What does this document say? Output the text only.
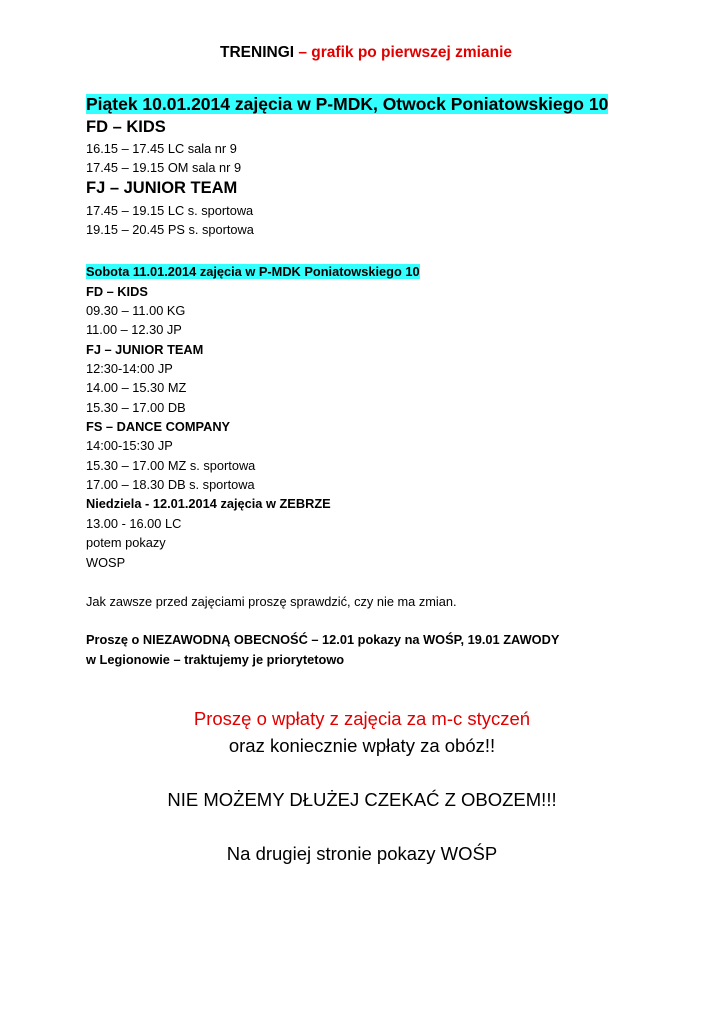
TRENINGI – grafik po pierwszej zmianie
Piątek 10.01.2014 zajęcia w P-MDK, Otwock Poniatowskiego 10
FD – KIDS
16.15 – 17.45 LC sala nr 9
17.45 – 19.15 OM sala nr 9
FJ – JUNIOR TEAM
17.45 – 19.15 LC s. sportowa
19.15 – 20.45 PS s. sportowa
Sobota 11.01.2014 zajęcia w P-MDK Poniatowskiego 10
FD – KIDS
09.30 – 11.00 KG
11.00 – 12.30 JP
FJ – JUNIOR TEAM
12:30-14:00 JP
14.00 – 15.30 MZ
15.30 – 17.00 DB
FS – DANCE COMPANY
14:00-15:30 JP
15.30 – 17.00 MZ s. sportowa
17.00 – 18.30 DB s. sportowa
Niedziela - 12.01.2014 zajęcia w ZEBRZE
13.00 - 16.00 LC
potem pokazy
WOSP
Jak zawsze przed zajęciami proszę sprawdzić, czy nie ma zmian.
Proszę o NIEZAWODNĄ OBECNOŚĆ – 12.01 pokazy na WOŚP, 19.01 ZAWODY
w Legionowie – traktujemy je priorytetowo
Proszę o wpłaty z zajęcia za m-c styczeń
oraz koniecznie wpłaty za obóz!!
NIE MOŻEMY DŁUŻEJ CZEKAĆ Z OBOZEM!!!
Na drugiej stronie pokazy WOŚP
